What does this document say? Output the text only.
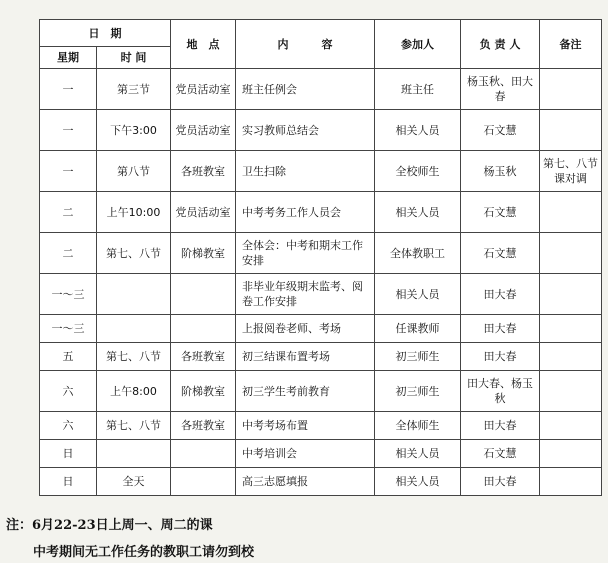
日　期		地　点	内　　　容	参加人	负 责 人	备注
星期	时 间					
一	第三节	党员活动室	班主任例会	班主任	杨玉秋、田大春	
一	下午3:00	党员活动室	实习教师总结会	相关人员	石文慧	
一	第八节	各班教室	卫生扫除	全校师生	杨玉秋	第七、八节课对调
二	上午10:00	党员活动室	中考考务工作人员会	相关人员	石文慧	
二	第七、八节	阶梯教室	全体会：中考和期末工作安排	全体教职工	石文慧	
一～三			非毕业年级期末监考、阅卷工作安排	相关人员	田大春	
一～三			上报阅卷老师、考场	任课教师	田大春	
五	第七、八节	各班教室	初三结课布置考场	初三师生	田大春	
六	上午8:00	阶梯教室	初三学生考前教育	初三师生	田大春、杨玉秋	
六	第七、八节	各班教室	中考考场布置	全体师生	田大春	
日			中考培训会	相关人员	石文慧	
日	全天		高三志愿填报	相关人员	田大春	
注：6月22-23日上周一、周二的课
中考期间无工作任务的教职工请勿到校
